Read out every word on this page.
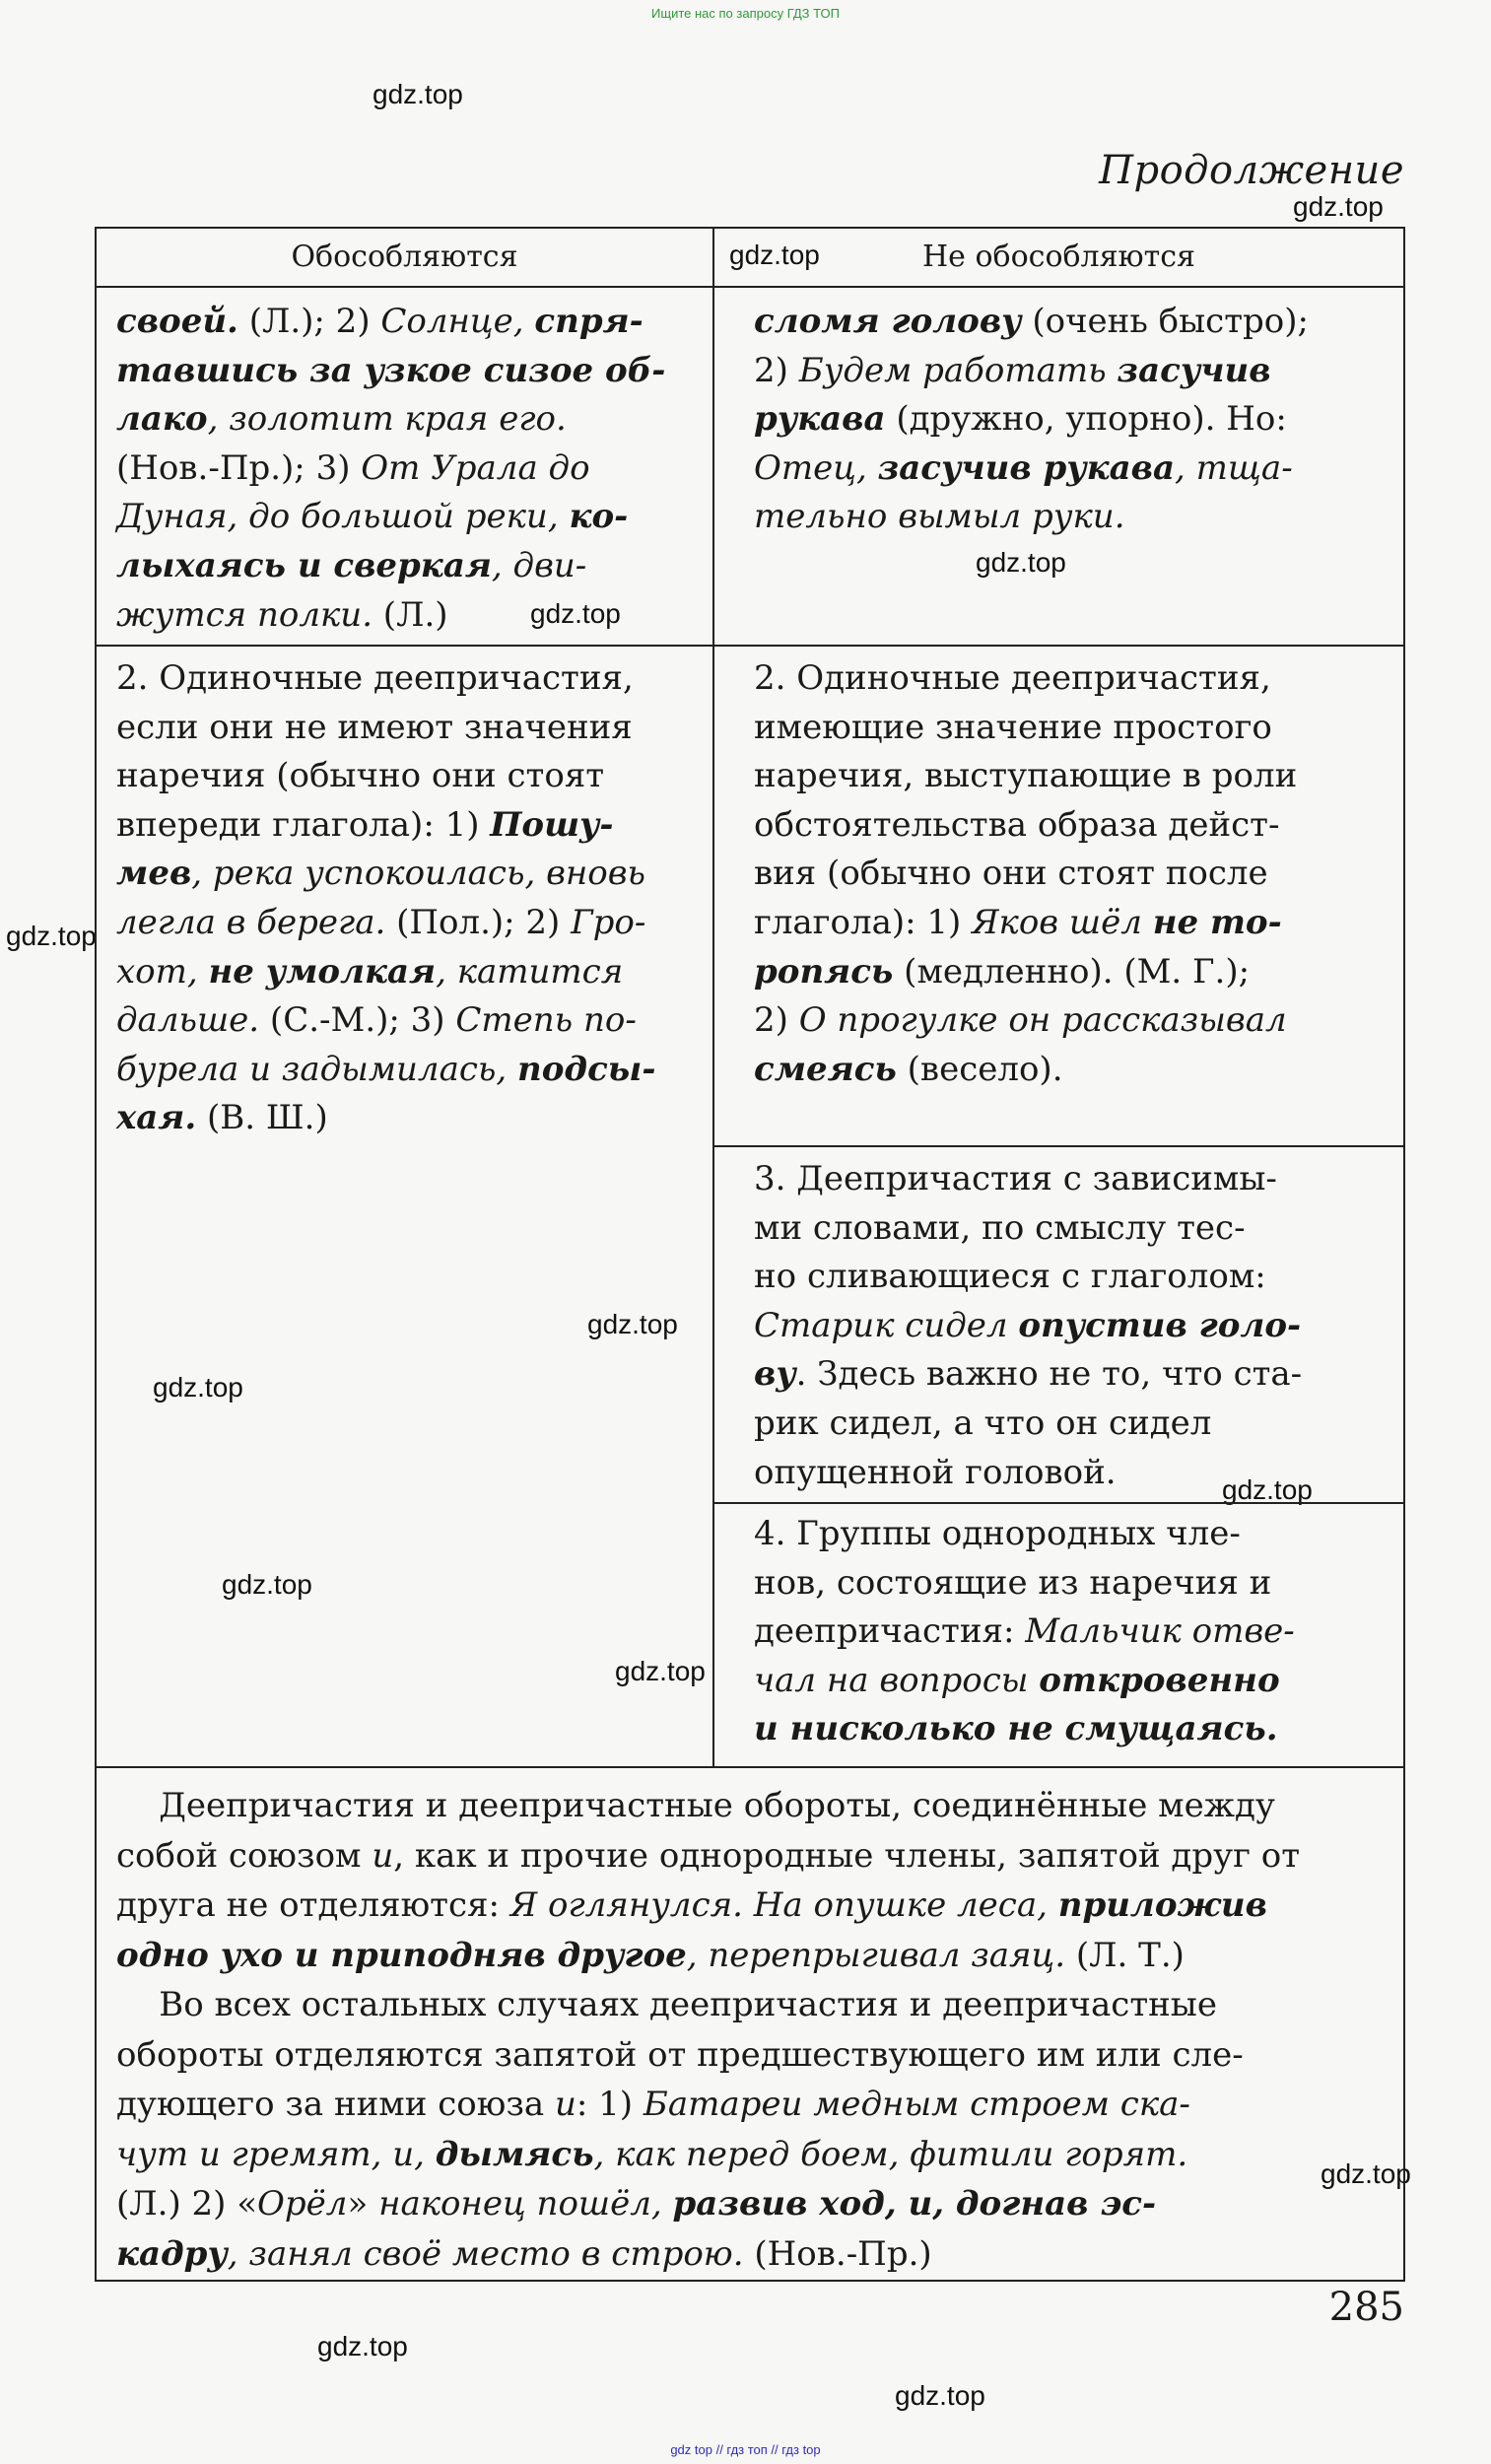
Ищите нас по запросу ГДЗ ТОП
gdz.top
gdz.top
gdz.top
gdz.top
gdz.top
gdz.top
gdz.top
gdz.top
gdz.top
gdz.top
gdz.top
gdz.top
gdz.top
gdz.top
Продолжение
Обособляются	Не обособляются
своей. (Л.); 2) Солнце, спря-
тавшись за узкое сизое об-
лако, золотит края его.
(Нов.-Пр.); 3) От Урала до
Дуная, до большой реки, ко-
лыхаясь и сверкая, дви-
жутся полки. (Л.)
сломя голову (очень быстро);
2) Будем работать засучив
рукава (дружно, упорно). Но:
Отец, засучив рукава, тща-
тельно вымыл руки.
2. Одиночные деепричастия,
если они не имеют значения
наречия (обычно они стоят
впереди глагола): 1) Пошу-
мев, река успокоилась, вновь
легла в берега. (Пол.); 2) Гро-
хот, не умолкая, катится
дальше. (С.-М.); 3) Степь по-
бурела и задымилась, подсы-
хая. (В. Ш.)
2. Одиночные деепричастия,
имеющие значение простого
наречия, выступающие в роли
обстоятельства образа дейст-
вия (обычно они стоят после
глагола): 1) Яков шёл не то-
ропясь (медленно). (М. Г.);
2) О прогулке он рассказывал
смеясь (весело).
3. Деепричастия с зависимы-
ми словами, по смыслу тес-
но сливающиеся с глаголом:
Старик сидел опустив голо-
ву. Здесь важно не то, что ста-
рик сидел, а что он сидел
опущенной головой.
4. Группы однородных чле-
нов, состоящие из наречия и
деепричастия: Мальчик отве-
чал на вопросы откровенно
и нисколько не смущаясь.
Деепричастия и деепричастные обороты, соединённые между
собой союзом и, как и прочие однородные члены, запятой друг от
друга не отделяются: Я оглянулся. На опушке леса, приложив
одно ухо и приподняв другое, перепрыгивал заяц. (Л. Т.)
Во всех остальных случаях деепричастия и деепричастные
обороты отделяются запятой от предшествующего им или сле-
дующего за ними союза и: 1) Батареи медным строем ска-
чут и гремят, и, дымясь, как перед боем, фитили горят.
(Л.) 2) «Орёл» наконец пошёл, развив ход, и, догнав эс-
кадру, занял своё место в строю. (Нов.-Пр.)
285
gdz top // гдз топ // гдз top
